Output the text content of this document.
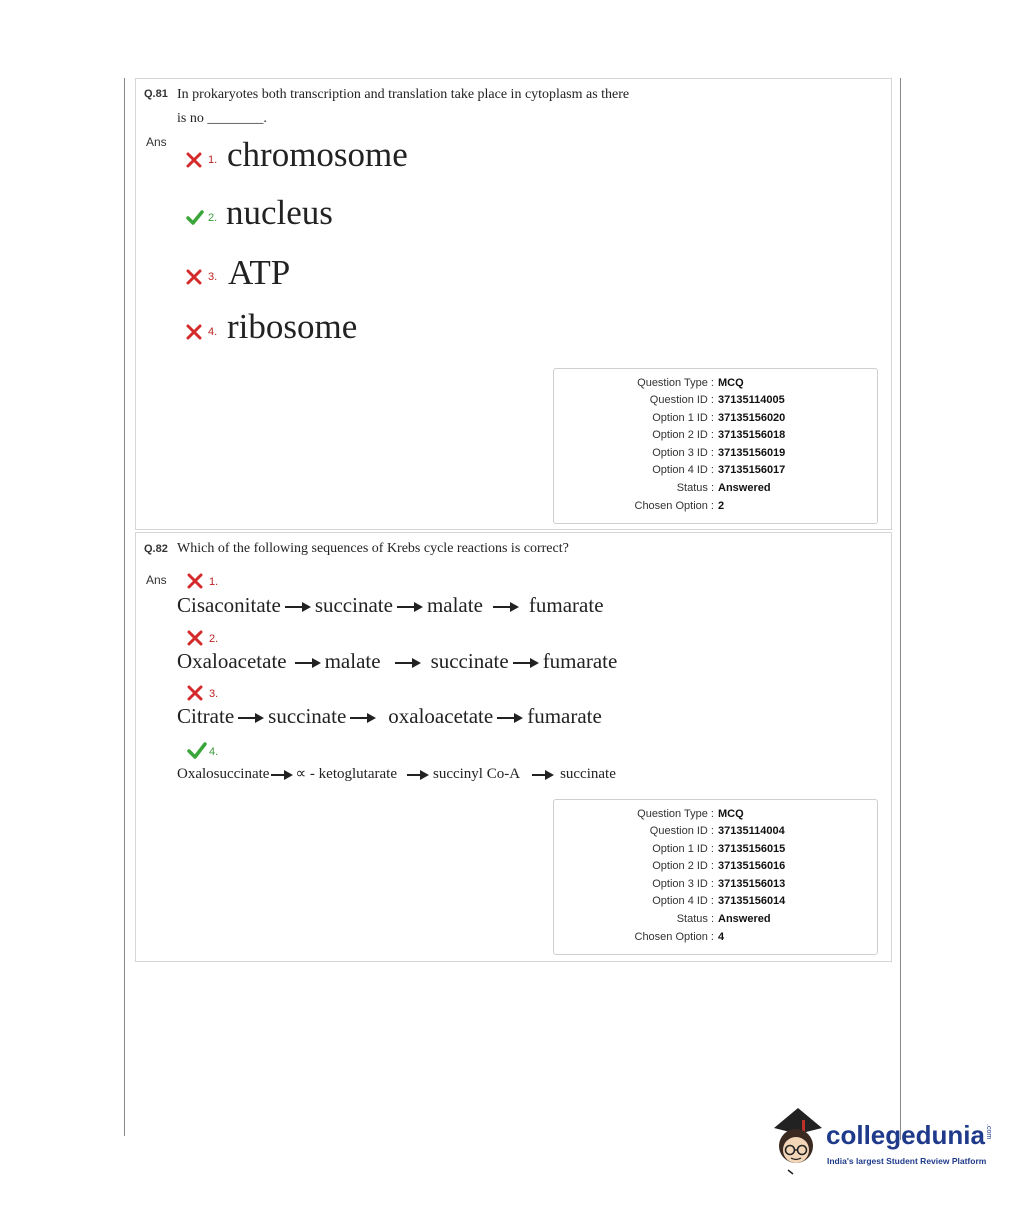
Q.81 In prokaryotes both transcription and translation take place in cytoplasm as there
is no ________.
Ans
1. chromosome
2. nucleus
3. ATP
4. ribosome
Question Type : MCQ
Question ID : 37135114005
Option 1 ID : 37135156020
Option 2 ID : 37135156018
Option 3 ID : 37135156019
Option 4 ID : 37135156017
Status : Answered
Chosen Option : 2
Q.82 Which of the following sequences of Krebs cycle reactions is correct?
Ans	1.
Cisaconitate succinate malate fumarate
2.
Oxaloacetate malate succinate fumarate
3.
Citrate succinate oxaloacetate fumarate
4.
Oxalosuccinate ∝ - ketoglutarate succinyl Co-A	succinate
Question Type : MCQ
Question ID : 37135114004
Option 1 ID : 37135156015
Option 2 ID : 37135156016
Option 3 ID : 37135156013
Option 4 ID : 37135156014
Status : Answered
Chosen Option : 4
collegedunia .com
India's largest Student Review Platform
